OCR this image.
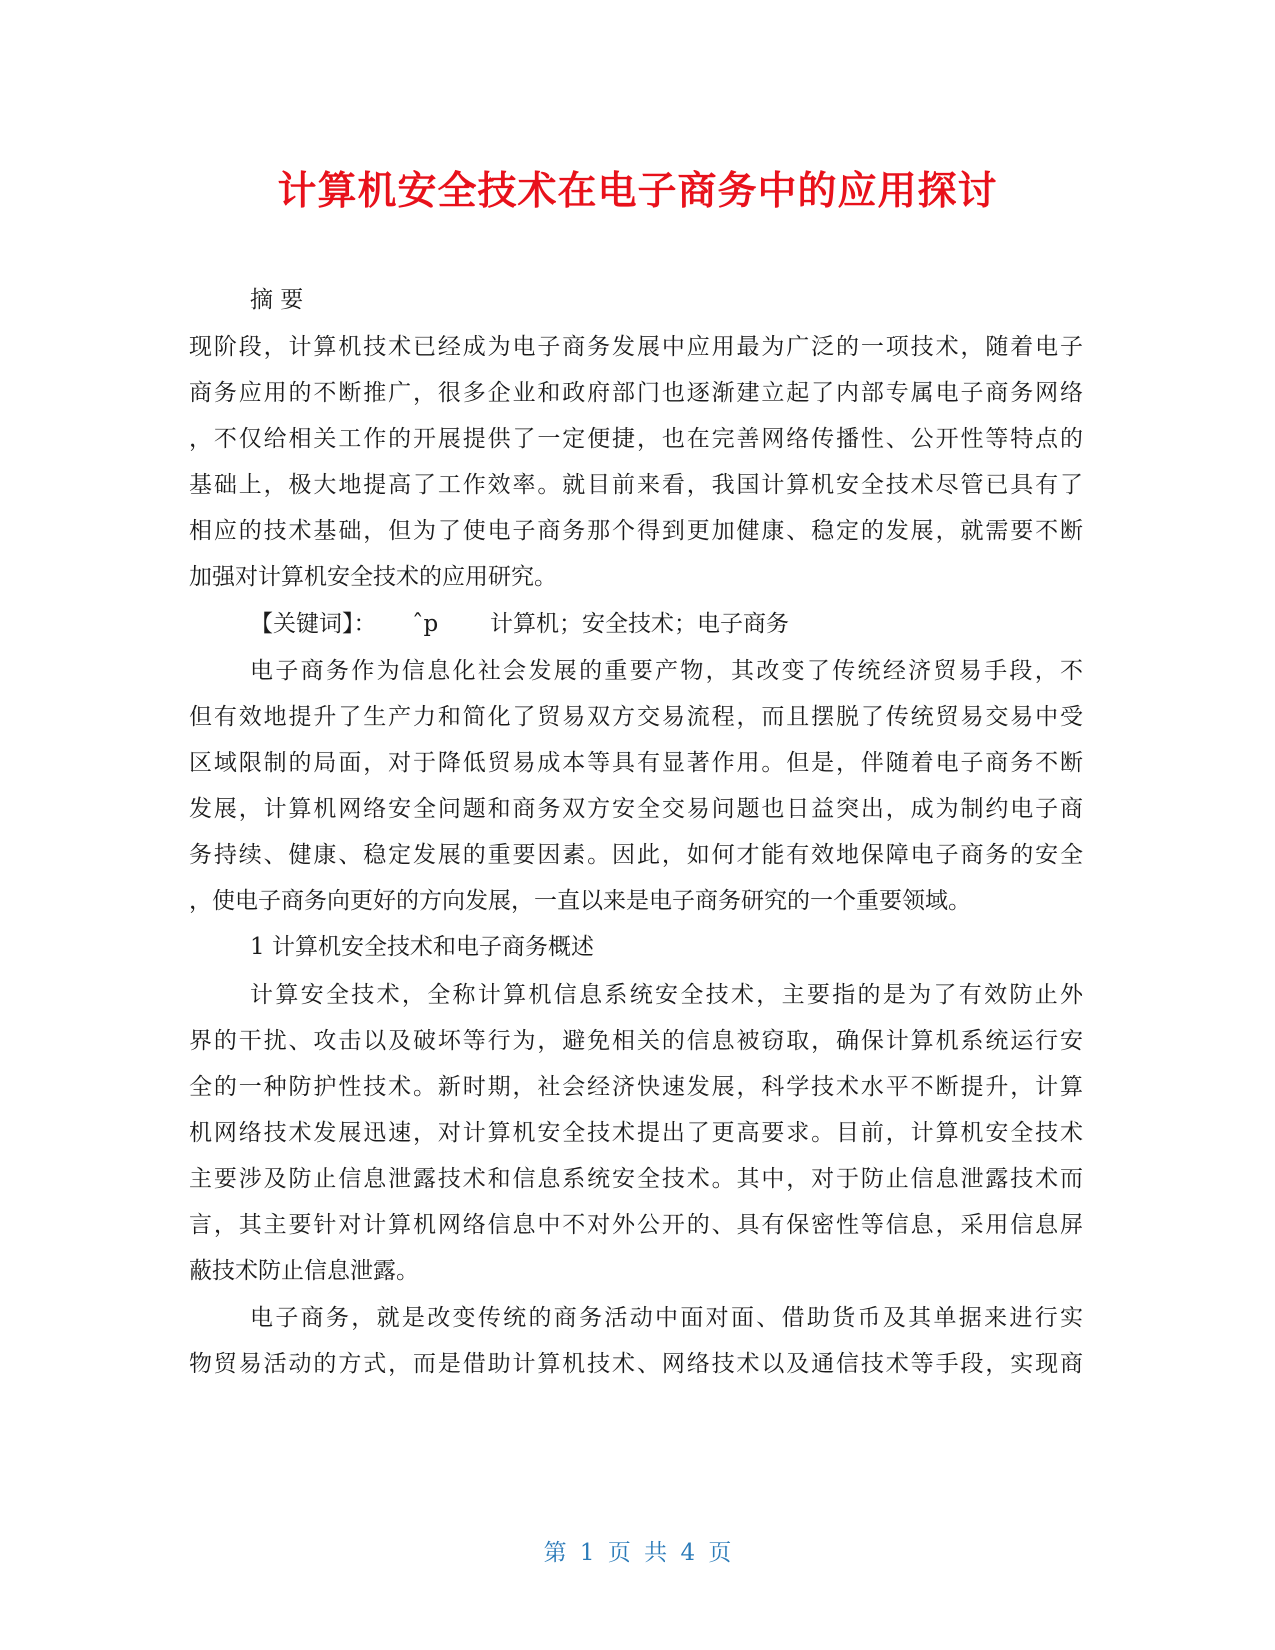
计算机安全技术在电子商务中的应用探讨
摘 要
现阶段，计算机技术已经成为电子商务发展中应用最为广泛的一项技术，随着电子
商务应用的不断推广，很多企业和政府部门也逐渐建立起了内部专属电子商务网络
，不仅给相关工作的开展提供了一定便捷，也在完善网络传播性、公开性等特点的
基础上，极大地提高了工作效率。就目前来看，我国计算机安全技术尽管已具有了
相应的技术基础，但为了使电子商务那个得到更加健康、稳定的发展，就需要不断
加强对计算机安全技术的应用研究。
【关键词】： ˆp 计算机；安全技术；电子商务
电子商务作为信息化社会发展的重要产物，其改变了传统经济贸易手段，不
但有效地提升了生产力和简化了贸易双方交易流程，而且摆脱了传统贸易交易中受
区域限制的局面，对于降低贸易成本等具有显著作用。但是，伴随着电子商务不断
发展，计算机网络安全问题和商务双方安全交易问题也日益突出，成为制约电子商
务持续、健康、稳定发展的重要因素。因此，如何才能有效地保障电子商务的安全
，使电子商务向更好的方向发展，一直以来是电子商务研究的一个重要领域。
1 计算机安全技术和电子商务概述
计算安全技术，全称计算机信息系统安全技术，主要指的是为了有效防止外
界的干扰、攻击以及破坏等行为，避免相关的信息被窃取，确保计算机系统运行安
全的一种防护性技术。新时期，社会经济快速发展，科学技术水平不断提升，计算
机网络技术发展迅速，对计算机安全技术提出了更高要求。目前，计算机安全技术
主要涉及防止信息泄露技术和信息系统安全技术。其中，对于防止信息泄露技术而
言，其主要针对计算机网络信息中不对外公开的、具有保密性等信息，采用信息屏
蔽技术防止信息泄露。
电子商务，就是改变传统的商务活动中面对面、借助货币及其单据来进行实
物贸易活动的方式，而是借助计算机技术、网络技术以及通信技术等手段，实现商
第 1 页 共 4 页
